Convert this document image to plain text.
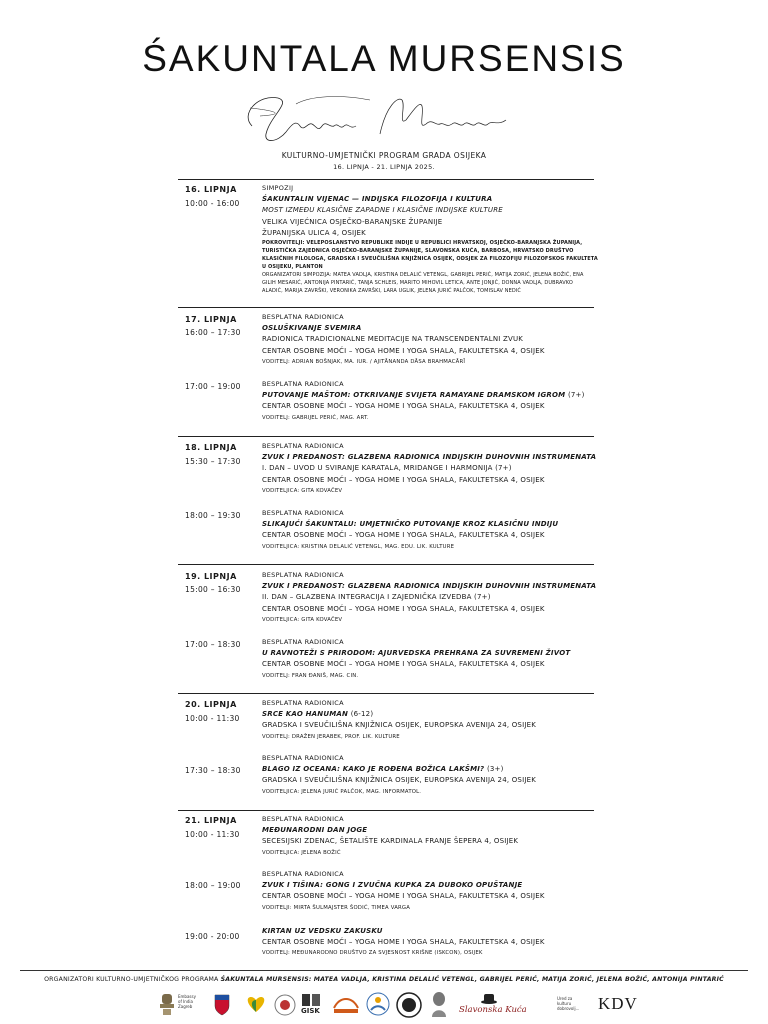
ŚAKUNTALA MURSENSIS
KULTURNO-UMJETNIČKI PROGRAM GRADA OSIJEKA
16. LIPNJA - 21. LIPNJA 2025.
16. LIPNJA
10:00 - 16:00
SIMPOZIJ
ŚAKUNTALIN VIJENAC — INDIJSKA FILOZOFIJA I KULTURA
MOST IZMEĐU KLASIČNE ZAPADNE I KLASIČNE INDIJSKE KULTURE
VELIKA VIJEĆNICA OSJEČKO-BARANJSKE ŽUPANIJE
ŽUPANIJSKA ULICA 4, OSIJEK
POKROVITELJI: VELEPOSLANSTVO REPUBLIKE INDIJE U REPUBLICI HRVATSKOJ, OSJEČKO-BARANJSKA ŽUPANIJA,
TURISTIČKA ZAJEDNICA OSJEČKO-BARANJSKE ŽUPANIJE, SLAVONSKA KUĆA, BARBOSA, HRVATSKO DRUŠTVO
KLASIČNIH FILOLOGA, GRADSKA I SVEUČILIŠNA KNJIŽNICA OSIJEK, ODSJEK ZA FILOZOFIJU FILOZOFSKOG FAKULTETA
U OSIJEKU, PLANTON
ORGANIZATORI SIMPOZIJA: MATEA VADLJA, KRISTINA DELALIĆ VETENGL, GABRIJEL PERIĆ, MATIJA ZORIĆ, JELENA BOŽIĆ, ENA
GILIH MESARIĆ, ANTONIJA PINTARIĆ, TANJA SCHLEIS, MARITO MIHOVIL LETICA, ANTE JONJIĆ, DONNA VADLJA, DUBRAVKO
ALADIĆ, MARIJA ZAVRŠKI, VERONIKA ZAVRŠKI, LARA UGLIK, JELENA JURIĆ PALČOK, TOMISLAV NEDIĆ
17. LIPNJA
16:00 – 17:30
BESPLATNA RADIONICA
OSLUŠKIVANJE SVEMIRA
RADIONICA TRADICIONALNE MEDITACIJE NA TRANSCENDENTALNI ZVUK
CENTAR OSOBNE MOĆI – YOGA HOME I YOGA SHALA, FAKULTETSKA 4, OSIJEK
VODITELJ: ADRIAN BOŠNJAK, MA. IUR. / AJITĀNANDA DĀSA BRAHMACĀRĪ
17:00 – 19:00	BESPLATNA RADIONICA
PUTOVANJE MAŠTOM: OTKRIVANJE SVIJETA RAMAYANE DRAMSKOM IGROM (7+)
CENTAR OSOBNE MOĆI – YOGA HOME I YOGA SHALA, FAKULTETSKA 4, OSIJEK
VODITELJ: GABRIJEL PERIĆ, MAG. ART.
18. LIPNJA
15:30 – 17:30
BESPLATNA RADIONICA
ZVUK I PREDANOST: GLAZBENA RADIONICA INDIJSKIH DUHOVNIH INSTRUMENATA
I. DAN – UVOD U SVIRANJE KARATALA, MRIDANGE I HARMONIJA (7+)
CENTAR OSOBNE MOĆI – YOGA HOME I YOGA SHALA, FAKULTETSKA 4, OSIJEK
VODITELJICA: GITA KOVAČEV
18:00 – 19:30	BESPLATNA RADIONICA
SLIKAJUĆI ŚAKUNTALU: UMJETNIČKO PUTOVANJE KROZ KLASIČNU INDIJU
CENTAR OSOBNE MOĆI – YOGA HOME I YOGA SHALA, FAKULTETSKA 4, OSIJEK
VODITELJICA: KRISTINA DELALIĆ VETENGL, MAG. EDU. LIK. KULTURE
19. LIPNJA
15:00 – 16:30
BESPLATNA RADIONICA
ZVUK I PREDANOST: GLAZBENA RADIONICA INDIJSKIH DUHOVNIH INSTRUMENATA
II. DAN – GLAZBENA INTEGRACIJA I ZAJEDNIČKA IZVEDBA (7+)
CENTAR OSOBNE MOĆI – YOGA HOME I YOGA SHALA, FAKULTETSKA 4, OSIJEK
VODITELJICA: GITA KOVAČEV
17:00 – 18:30	BESPLATNA RADIONICA
U RAVNOTEŽI S PRIRODOM: AJURVEDSKA PREHRANA ZA SUVREMENI ŽIVOT
CENTAR OSOBNE MOĆI – YOGA HOME I YOGA SHALA, FAKULTETSKA 4, OSIJEK
VODITELJ: FRAN ĐANIŠ, MAG. CIN.
20. LIPNJA
10:00 - 11:30
BESPLATNA RADIONICA
SRCE KAO HANUMAN (6-12)
GRADSKA I SVEUČILIŠNA KNJIŽNICA OSIJEK, EUROPSKA AVENIJA 24, OSIJEK
VODITELJ: DRAŽEN JERABEK, PROF. LIK. KULTURE
17:30 – 18:30
BESPLATNA RADIONICA
BLAGO IZ OCEANA: KAKO JE ROĐENA BOŽICA LAKŠMI? (3+)
GRADSKA I SVEUČILIŠNA KNJIŽNICA OSIJEK, EUROPSKA AVENIJA 24, OSIJEK
VODITELJICA: JELENA JURIĆ PALČOK, MAG. INFORMATOL.
21. LIPNJA
10:00 - 11:30
BESPLATNA RADIONICA
MEĐUNARODNI DAN JOGE
SECESIJSKI ZDENAC, ŠETALIŠTE KARDINALA FRANJE ŠEPERA 4, OSIJEK
VODITELJICA: JELENA BOŽIĆ
18:00 – 19:00
BESPLATNA RADIONICA
ZVUK I TIŠINA: GONG I ZVUČNA KUPKA ZA DUBOKO OPUŠTANJE
CENTAR OSOBNE MOĆI – YOGA HOME I YOGA SHALA, FAKULTETSKA 4, OSIJEK
VODITELJI: MIRTA ŠULMAJSTER ŠODIĆ, TIMEA VARGA
19:00 - 20:00
KIRTAN UZ VEDSKU ZAKUSKU
CENTAR OSOBNE MOĆI – YOGA HOME I YOGA SHALA, FAKULTETSKA 4, OSIJEK
VODITELJ: MEĐUNARODNO DRUŠTVO ZA SVJESNOST KRIŠNE (ISKCON), OSIJEK
ORGANIZATORI KULTURNO-UMJETNIČKOG PROGRAMA ŚAKUNTALA MURSENSIS: MATEA VADLJA, KRISTINA DELALIĆ VETENGL, GABRIJEL PERIĆ, MATIJA ZORIĆ, JELENA BOŽIĆ, ANTONIJA PINTARIĆ
Embassy
of India
Zagreb
GISK	Slavonska Kuća
Ured za
kulturu
dobrovolj... KDV
